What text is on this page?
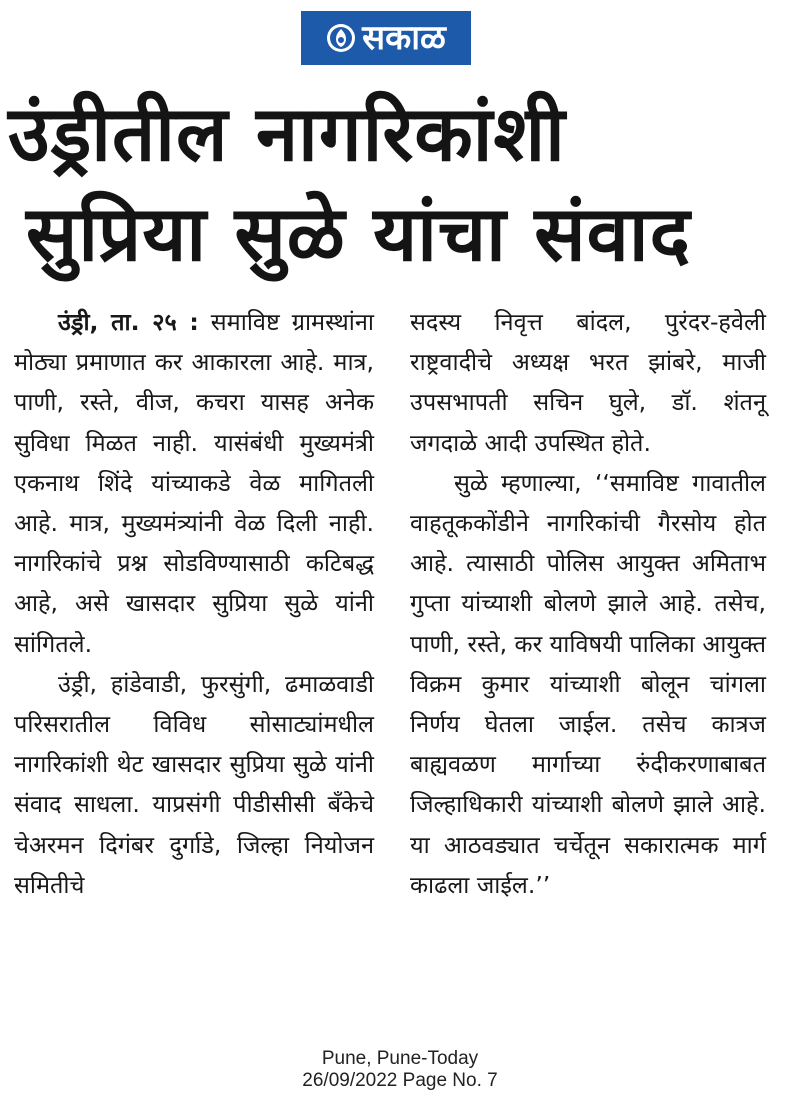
सकाळ
उंड्रीतील नागरिकांशी
सुप्रिया सुळे यांचा संवाद

उंड्री, ता. २५ : समाविष्ट ग्रामस्थांना मोठ्या प्रमाणात कर आकारला आहे. मात्र, पाणी, रस्ते, वीज, कचरा यासह अनेक सुविधा मिळत नाही. यासंबंधी मुख्यमंत्री एकनाथ शिंदे यांच्याकडे वेळ मागितली आहे. मात्र, मुख्यमंत्र्यांनी वेळ दिली नाही. नागरिकांचे प्रश्न सोडविण्यासाठी कटिबद्ध आहे, असे खासदार सुप्रिया सुळे यांनी सांगितले.

उंड्री, हांडेवाडी, फुरसुंगी, ढमाळवाडी परिसरातील विविध सोसाट्यांमधील नागरिकांशी थेट खासदार सुप्रिया सुळे यांनी संवाद साधला. याप्रसंगी पीडीसीसी बँकेचे चेअरमन दिगंबर दुर्गाडे, जिल्हा नियोजन समितीचे

सदस्य निवृत्त बांदल, पुरंदर-हवेली राष्ट्रवादीचे अध्यक्ष भरत झांबरे, माजी उपसभापती सचिन घुले, डॉ. शंतनू जगदाळे आदी उपस्थित होते.

सुळे म्हणाल्या, ‘‘समाविष्ट गावातील वाहतूककोंडीने नागरिकांची गैरसोय होत आहे. त्यासाठी पोलिस आयुक्त अमिताभ गुप्ता यांच्याशी बोलणे झाले आहे. तसेच, पाणी, रस्ते, कर याविषयी पालिका आयुक्त विक्रम कुमार यांच्याशी बोलून चांगला निर्णय घेतला जाईल. तसेच कात्रज बाह्यवळण मार्गाच्या रुंदीकरणाबाबत जिल्हाधिकारी यांच्याशी बोलणे झाले आहे. या आठवड्यात चर्चेतून सकारात्मक मार्ग काढला जाईल.’’

Pune, Pune-Today
26/09/2022 Page No. 7
